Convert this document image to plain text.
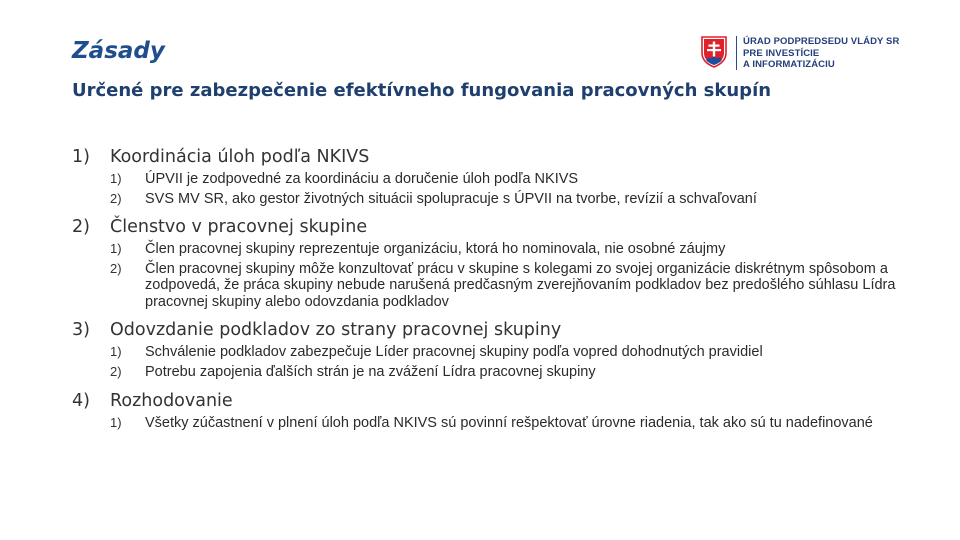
Zásady
Určené pre zabezpečenie efektívneho fungovania pracovných skupín
ÚRAD PODPREDSEDU VLÁDY SR
PRE INVESTÍCIE
A INFORMATIZÁCIU
1)	Koordinácia úloh podľa NKIVS
1)	ÚPVII je zodpovedné za koordináciu a doručenie úloh podľa NKIVS
2)	SVS MV SR, ako gestor životných situácii spolupracuje s ÚPVII na tvorbe, revízií a schvaľovaní
2)	Členstvo v pracovnej skupine
1)	Člen pracovnej skupiny reprezentuje organizáciu, ktorá ho nominovala, nie osobné záujmy
2)	Člen pracovnej skupiny môže konzultovať prácu v skupine s kolegami zo svojej organizácie diskrétnym spôsobom a zodpovedá, že práca skupiny nebude narušená predčasným zverejňovaním podkladov bez predošlého súhlasu Lídra pracovnej skupiny alebo odovzdania podkladov
3)	Odovzdanie podkladov zo strany pracovnej skupiny
1)	Schválenie podkladov zabezpečuje Líder pracovnej skupiny podľa vopred dohodnutých pravidiel
2)	Potrebu zapojenia ďalších strán je na zvážení Lídra pracovnej skupiny
4)	Rozhodovanie
1)	Všetky zúčastnení v plnení úloh podľa NKIVS sú povinní rešpektovať úrovne riadenia, tak ako sú tu nadefinované
